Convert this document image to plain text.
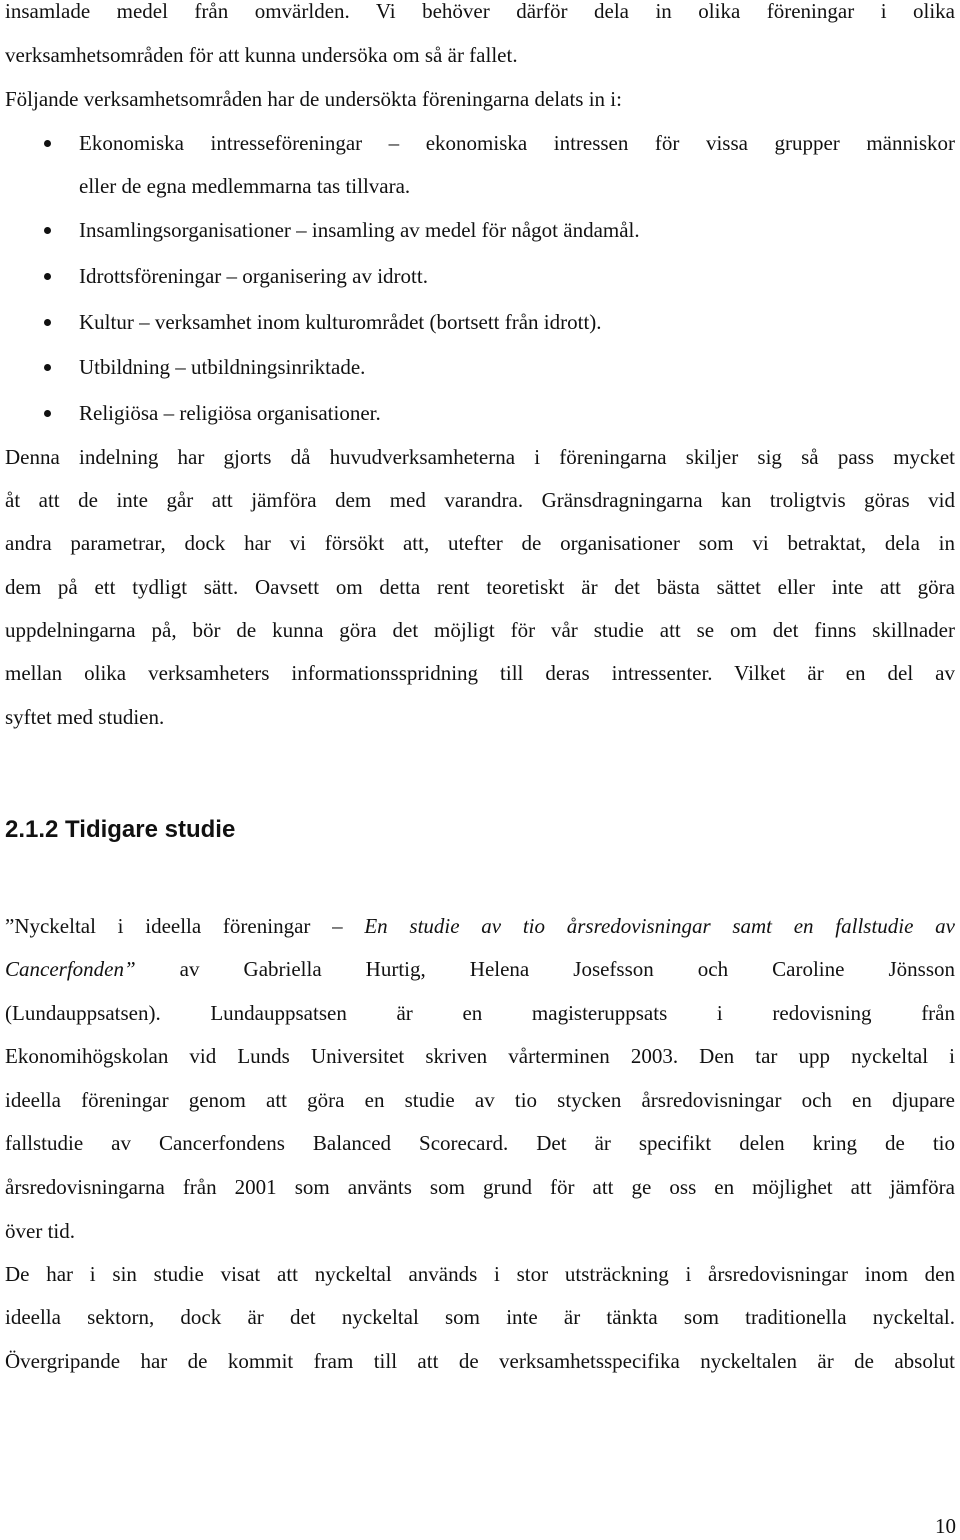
insamlade medel från omvärlden. Vi behöver därför dela in olika föreningar i olika
verksamhetsområden för att kunna undersöka om så är fallet.
Följande verksamhetsområden har de undersökta föreningarna delats in i:
Ekonomiska intresseföreningar – ekonomiska intressen för vissa grupper människor
eller de egna medlemmarna tas tillvara.
Insamlingsorganisationer – insamling av medel för något ändamål.
Idrottsföreningar – organisering av idrott.
Kultur – verksamhet inom kulturområdet (bortsett från idrott).
Utbildning – utbildningsinriktade.
Religiösa – religiösa organisationer.
Denna indelning har gjorts då huvudverksamheterna i föreningarna skiljer sig så pass mycket
åt att de inte går att jämföra dem med varandra. Gränsdragningarna kan troligtvis göras vid
andra parametrar, dock har vi försökt att, utefter de organisationer som vi betraktat, dela in
dem på ett tydligt sätt. Oavsett om detta rent teoretiskt är det bästa sättet eller inte att göra
uppdelningarna på, bör de kunna göra det möjligt för vår studie att se om det finns skillnader
mellan olika verksamheters informationsspridning till deras intressenter. Vilket är en del av
syftet med studien.
2.1.2 Tidigare studie
”Nyckeltal i ideella föreningar – En studie av tio årsredovisningar samt en fallstudie av
Cancerfonden” av Gabriella Hurtig, Helena Josefsson och Caroline Jönsson
(Lundauppsatsen). Lundauppsatsen är en magisteruppsats i redovisning från
Ekonomihögskolan vid Lunds Universitet skriven vårterminen 2003. Den tar upp nyckeltal i
ideella föreningar genom att göra en studie av tio stycken årsredovisningar och en djupare
fallstudie av Cancerfondens Balanced Scorecard. Det är specifikt delen kring de tio
årsredovisningarna från 2001 som använts som grund för att ge oss en möjlighet att jämföra
över tid.
De har i sin studie visat att nyckeltal används i stor utsträckning i årsredovisningar inom den
ideella sektorn, dock är det nyckeltal som inte är tänkta som traditionella nyckeltal.
Övergripande har de kommit fram till att de verksamhetsspecifika nyckeltalen är de absolut
10
